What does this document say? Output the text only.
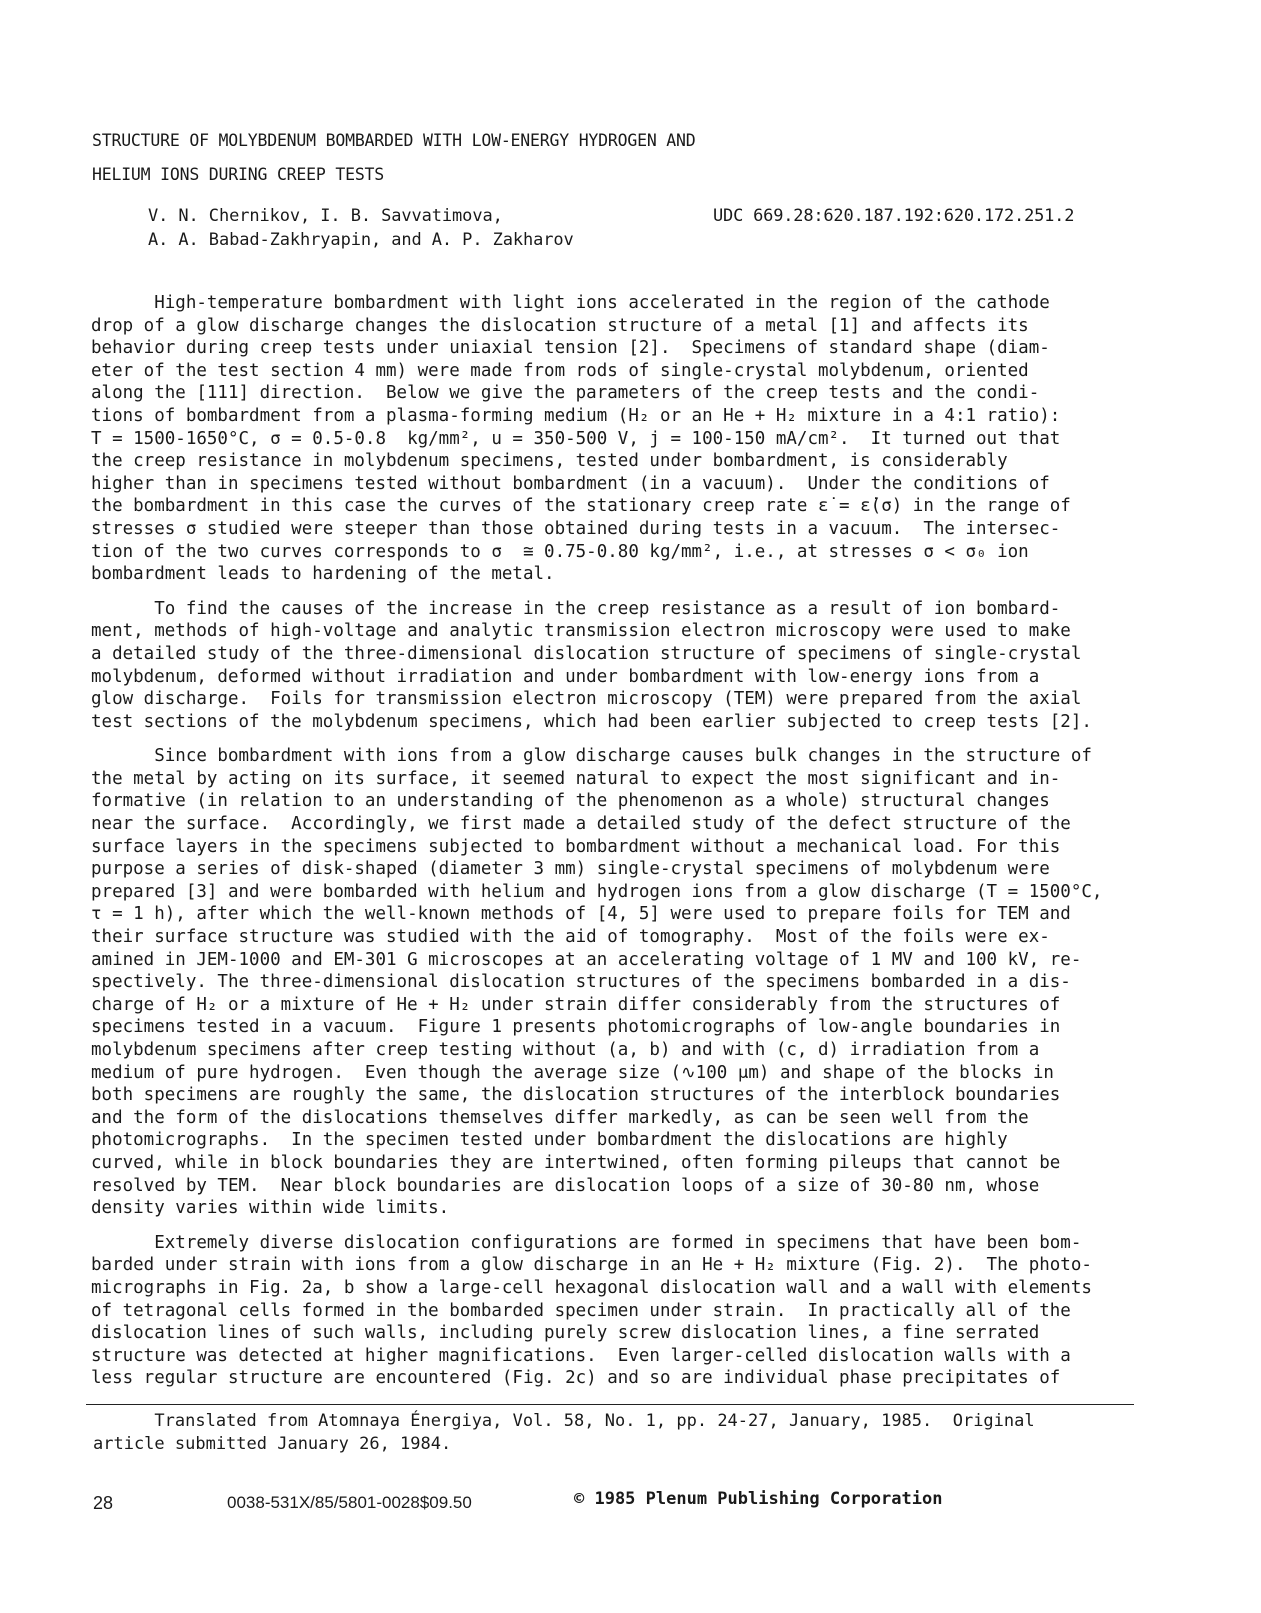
STRUCTURE OF MOLYBDENUM BOMBARDED WITH LOW-ENERGY HYDROGEN AND
HELIUM IONS DURING CREEP TESTS
V. N. Chernikov, I. B. Savvatimova,
A. A. Babad-Zakhryapin, and A. P. Zakharov
UDC 669.28:620.187.192:620.172.251.2
High-temperature bombardment with light ions accelerated in the region of the cathode
drop of a glow discharge changes the dislocation structure of a metal [1] and affects its
behavior during creep tests under uniaxial tension [2].  Specimens of standard shape (diam-
eter of the test section 4 mm) were made from rods of single-crystal molybdenum, oriented
along the [111] direction.  Below we give the parameters of the creep tests and the condi-
tions of bombardment from a plasma-forming medium (H₂ or an He + H₂ mixture in a 4:1 ratio):
T = 1500-1650°C, σ = 0.5-0.8  kg/mm², u = 350-500 V, j = 100-150 mA/cm².  It turned out that
the creep resistance in molybdenum specimens, tested under bombardment, is considerably
higher than in specimens tested without bombardment (in a vacuum).  Under the conditions of
the bombardment in this case the curves of the stationary creep rate ε̇ = ε̇(σ) in the range of
stresses σ studied were steeper than those obtained during tests in a vacuum.  The intersec-
tion of the two curves corresponds to σ  ≅ 0.75-0.80 kg/mm², i.e., at stresses σ < σ₀ ion
bombardment leads to hardening of the metal.
To find the causes of the increase in the creep resistance as a result of ion bombard-
ment, methods of high-voltage and analytic transmission electron microscopy were used to make
a detailed study of the three-dimensional dislocation structure of specimens of single-crystal
molybdenum, deformed without irradiation and under bombardment with low-energy ions from a
glow discharge.  Foils for transmission electron microscopy (TEM) were prepared from the axial
test sections of the molybdenum specimens, which had been earlier subjected to creep tests [2].
Since bombardment with ions from a glow discharge causes bulk changes in the structure of
the metal by acting on its surface, it seemed natural to expect the most significant and in-
formative (in relation to an understanding of the phenomenon as a whole) structural changes
near the surface.  Accordingly, we first made a detailed study of the defect structure of the
surface layers in the specimens subjected to bombardment without a mechanical load. For this
purpose a series of disk-shaped (diameter 3 mm) single-crystal specimens of molybdenum were
prepared [3] and were bombarded with helium and hydrogen ions from a glow discharge (T = 1500°C,
τ = 1 h), after which the well-known methods of [4, 5] were used to prepare foils for TEM and
their surface structure was studied with the aid of tomography.  Most of the foils were ex-
amined in JEM-1000 and EM-301 G microscopes at an accelerating voltage of 1 MV and 100 kV, re-
spectively. The three-dimensional dislocation structures of the specimens bombarded in a dis-
charge of H₂ or a mixture of He + H₂ under strain differ considerably from the structures of
specimens tested in a vacuum.  Figure 1 presents photomicrographs of low-angle boundaries in
molybdenum specimens after creep testing without (a, b) and with (c, d) irradiation from a
medium of pure hydrogen.  Even though the average size (∿100 μm) and shape of the blocks in
both specimens are roughly the same, the dislocation structures of the interblock boundaries
and the form of the dislocations themselves differ markedly, as can be seen well from the
photomicrographs.  In the specimen tested under bombardment the dislocations are highly
curved, while in block boundaries they are intertwined, often forming pileups that cannot be
resolved by TEM.  Near block boundaries are dislocation loops of a size of 30-80 nm, whose
density varies within wide limits.
Extremely diverse dislocation configurations are formed in specimens that have been bom-
barded under strain with ions from a glow discharge in an He + H₂ mixture (Fig. 2).  The photo-
micrographs in Fig. 2a, b show a large-cell hexagonal dislocation wall and a wall with elements
of tetragonal cells formed in the bombarded specimen under strain.  In practically all of the
dislocation lines of such walls, including purely screw dislocation lines, a fine serrated
structure was detected at higher magnifications.  Even larger-celled dislocation walls with a
less regular structure are encountered (Fig. 2c) and so are individual phase precipitates of
Translated from Atomnaya Énergiya, Vol. 58, No. 1, pp. 24-27, January, 1985.  Original
article submitted January 26, 1984.
28	0038-531X/85/5801-0028$09.50	© 1985 Plenum Publishing Corporation
